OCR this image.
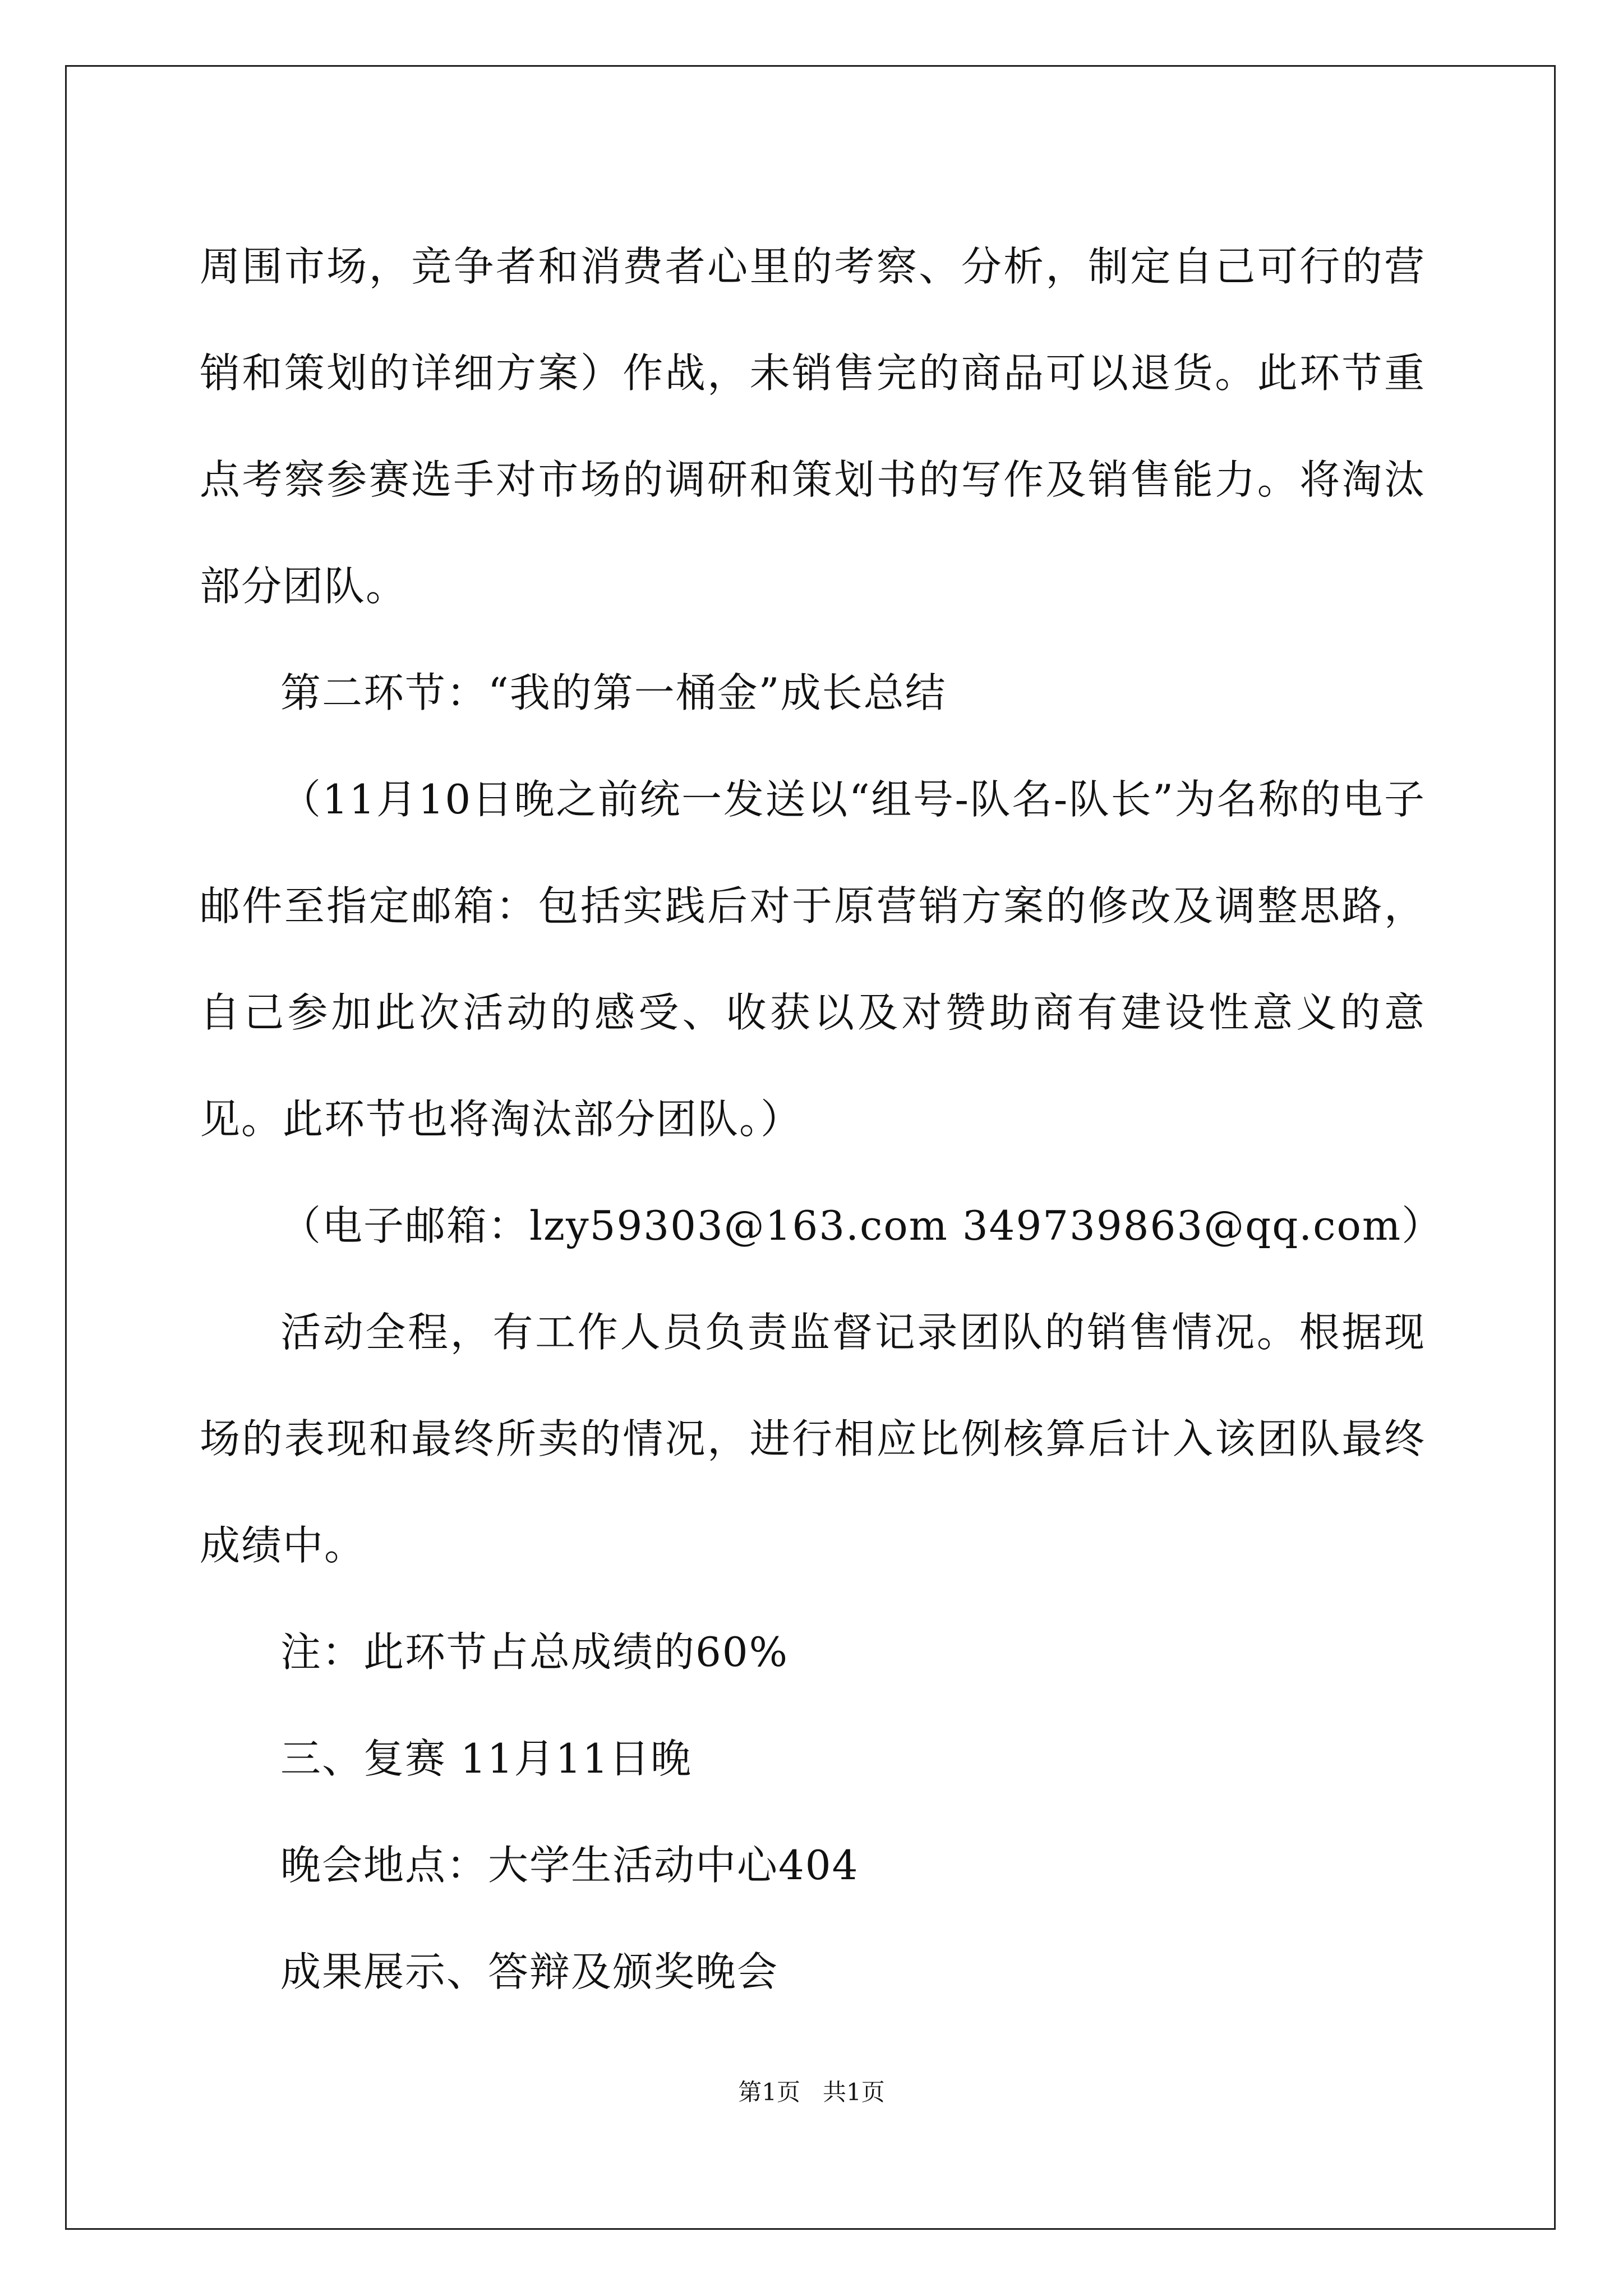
周围市场，竞争者和消费者心里的考察、分析，制定自己可行的营销和策划的详细方案）作战，未销售完的商品可以退货。此环节重点考察参赛选手对市场的调研和策划书的写作及销售能力。将淘汰部分团队。

第二环节：“我的第一桶金”成长总结

（11月10日晚之前统一发送以“组号-队名-队长”为名称的电子邮件至指定邮箱：包括实践后对于原营销方案的修改及调整思路，自己参加此次活动的感受、收获以及对赞助商有建设性意义的意见。此环节也将淘汰部分团队。）

（电子邮箱：lzy59303@163.com 349739863@qq.com）

活动全程，有工作人员负责监督记录团队的销售情况。根据现场的表现和最终所卖的情况，进行相应比例核算后计入该团队最终成绩中。

注：此环节占总成绩的60%

三、复赛 11月11日晚

晚会地点：大学生活动中心404

成果展示、答辩及颁奖晚会

第1页   共1页
